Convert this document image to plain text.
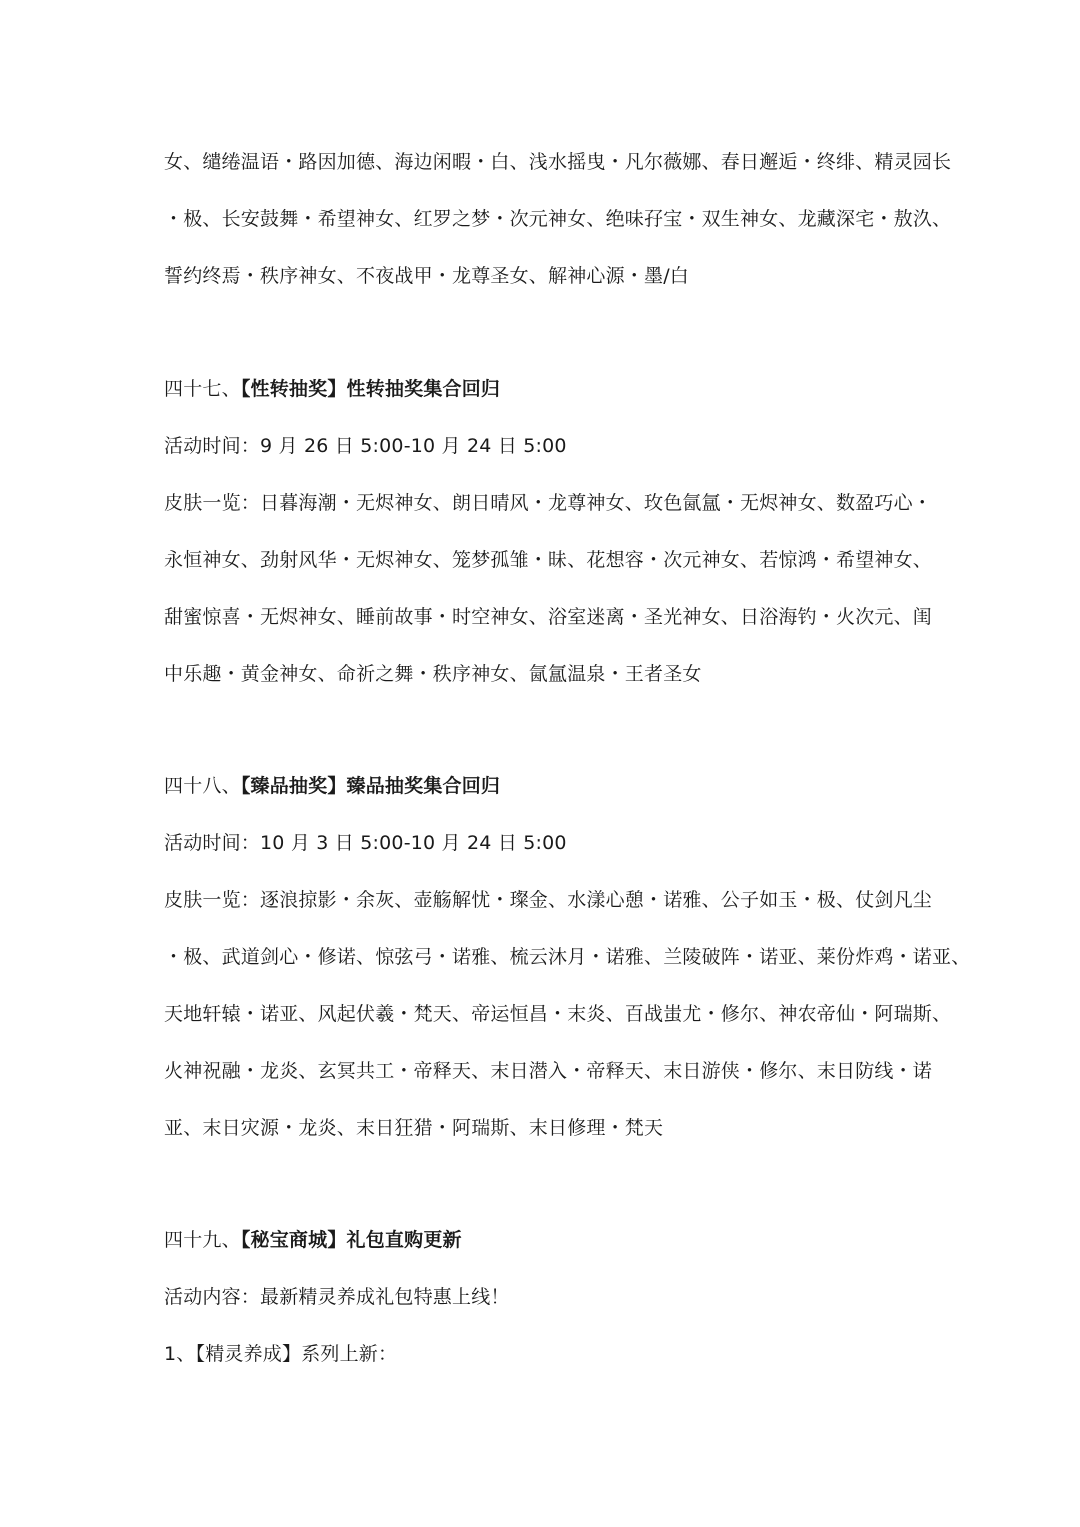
女、缱绻温语・路因加德、海边闲暇・白、浅水摇曳・凡尔薇娜、春日邂逅・终绯、精灵园长
・极、长安鼓舞・希望神女、红罗之梦・次元神女、绝味孖宝・双生神女、龙藏深宅・敖汣、
誓约终焉・秩序神女、不夜战甲・龙尊圣女、解神心源・墨/白
四十七、【性转抽奖】性转抽奖集合回归
活动时间：9 月 26 日 5:00-10 月 24 日 5:00
皮肤一览：日暮海潮・无烬神女、朗日晴风・龙尊神女、玫色氤氲・无烬神女、数盈巧心・
永恒神女、劲射风华・无烬神女、笼梦孤雏・昧、花想容・次元神女、若惊鸿・希望神女、
甜蜜惊喜・无烬神女、睡前故事・时空神女、浴室迷离・圣光神女、日浴海钓・火次元、闺
中乐趣・黄金神女、命祈之舞・秩序神女、氤氲温泉・王者圣女
四十八、【臻品抽奖】臻品抽奖集合回归
活动时间：10 月 3 日 5:00-10 月 24 日 5:00
皮肤一览：逐浪掠影・余灰、壶觞解忧・璨金、水漾心憩・诺雅、公子如玉・极、仗剑凡尘
・极、武道剑心・修诺、惊弦弓・诺雅、梳云沐月・诺雅、兰陵破阵・诺亚、莱份炸鸡・诺亚、
天地轩辕・诺亚、风起伏羲・梵天、帝运恒昌・末炎、百战蚩尤・修尔、神农帝仙・阿瑞斯、
火神祝融・龙炎、玄冥共工・帝释天、末日潜入・帝释天、末日游侠・修尔、末日防线・诺
亚、末日灾源・龙炎、末日狂猎・阿瑞斯、末日修理・梵天
四十九、【秘宝商城】礼包直购更新
活动内容：最新精灵养成礼包特惠上线！
1、【精灵养成】系列上新：
